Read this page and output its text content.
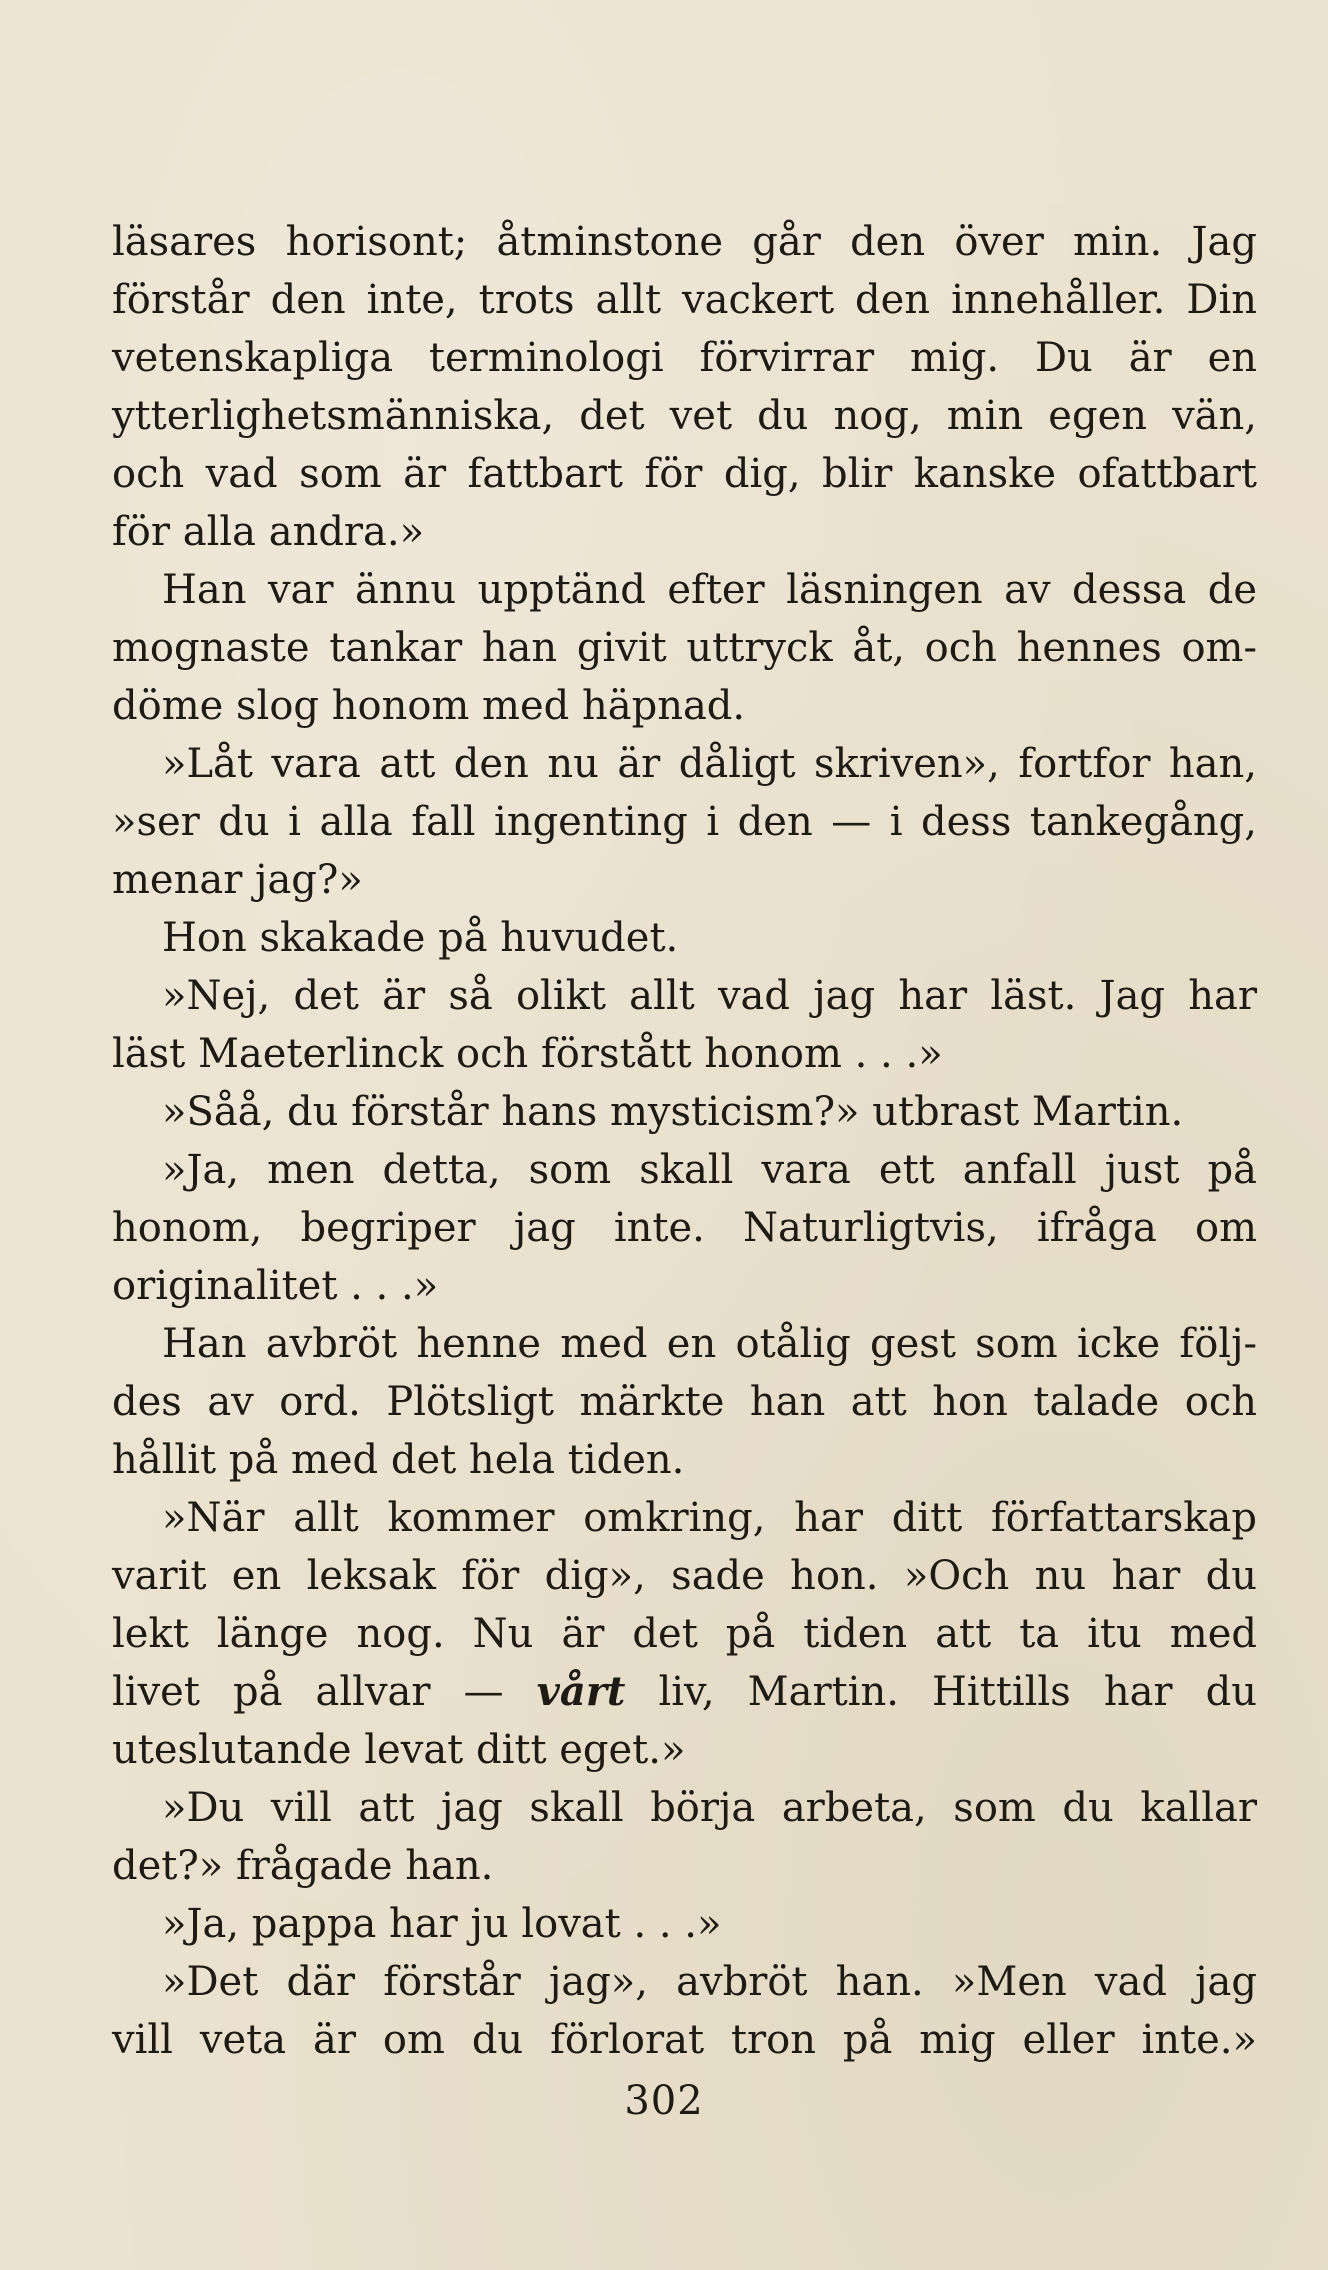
läsares horisont; åtminstone går den över min. Jag
förstår den inte, trots allt vackert den innehåller. Din
vetenskapliga terminologi förvirrar mig. Du är en
ytterlighetsmänniska, det vet du nog, min egen vän,
och vad som är fattbart för dig, blir kanske ofattbart
för alla andra.»
Han var ännu upptänd efter läsningen av dessa de
mognaste tankar han givit uttryck åt, och hennes om-
döme slog honom med häpnad.
»Låt vara att den nu är dåligt skriven», fortfor han,
»ser du i alla fall ingenting i den — i dess tankegång,
menar jag?»
Hon skakade på huvudet.
»Nej, det är så olikt allt vad jag har läst. Jag har
läst Maeterlinck och förstått honom . . .»
»Såå, du förstår hans mysticism?» utbrast Martin.
»Ja, men detta, som skall vara ett anfall just på
honom, begriper jag inte. Naturligtvis, ifråga om
originalitet . . .»
Han avbröt henne med en otålig gest som icke följ-
des av ord. Plötsligt märkte han att hon talade och
hållit på med det hela tiden.
»När allt kommer omkring, har ditt författarskap
varit en leksak för dig», sade hon. »Och nu har du
lekt länge nog. Nu är det på tiden att ta itu med
livet på allvar — vårt liv, Martin. Hittills har du
uteslutande levat ditt eget.»
»Du vill att jag skall börja arbeta, som du kallar
det?» frågade han.
»Ja, pappa har ju lovat . . .»
»Det där förstår jag», avbröt han. »Men vad jag
vill veta är om du förlorat tron på mig eller inte.»
302
